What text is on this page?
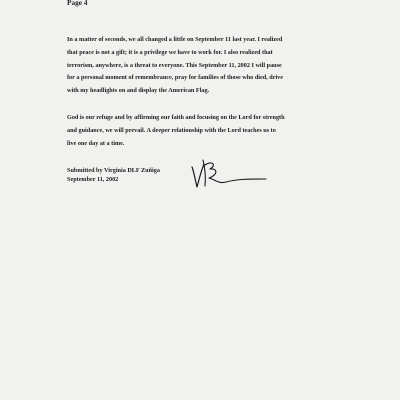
Page 4

In a matter of seconds, we all changed a little on September 11 last year. I realized
that peace is not a gift; it is a privilege we have to work for. I also realized that
terrorism, anywhere, is a threat to everyone. This September 11, 2002 I will pause
for a personal moment of remembrance, pray for families of those who died, drive
with my headlights on and display the American Flag.

God is our refuge and by affirming our faith and focusing on the Lord for strength
and guidance, we will prevail. A deeper relationship with the Lord teaches us to
live one day at a time.

Submitted by Virginia DLF Zuñiga
September 11, 2002
